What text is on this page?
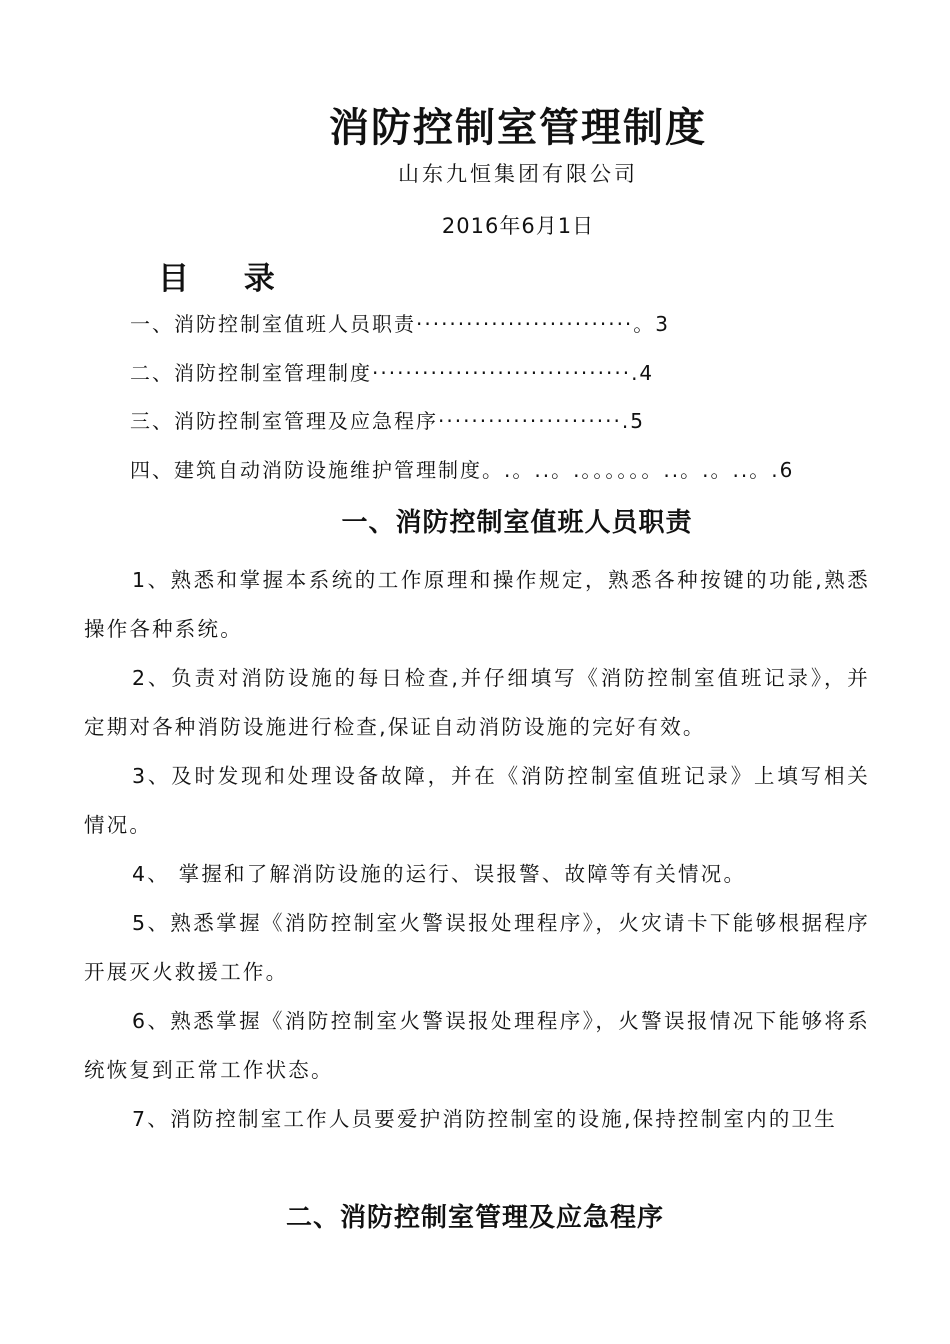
消防控制室管理制度
山东九恒集团有限公司
2016年6月1日
目 录
一、消防控制室值班人员职责··························。3
二、消防控制室管理制度·······························.4
三、消防控制室管理及应急程序······················.5
四、建筑自动消防设施维护管理制度。.。..。.。。。。。。..。.。..。.6
一、消防控制室值班人员职责

1、熟悉和掌握本系统的工作原理和操作规定，熟悉各种按键的功能,熟悉操作各种系统。

2、负责对消防设施的每日检查,并仔细填写《消防控制室值班记录》，并定期对各种消防设施进行检查,保证自动消防设施的完好有效。

3、及时发现和处理设备故障，并在《消防控制室值班记录》上填写相关情况。

4、 掌握和了解消防设施的运行、误报警、故障等有关情况。

5、熟悉掌握《消防控制室火警误报处理程序》，火灾请卡下能够根据程序开展灭火救援工作。

6、熟悉掌握《消防控制室火警误报处理程序》，火警误报情况下能够将系统恢复到正常工作状态。

7、消防控制室工作人员要爱护消防控制室的设施,保持控制室内的卫生

二、消防控制室管理及应急程序
